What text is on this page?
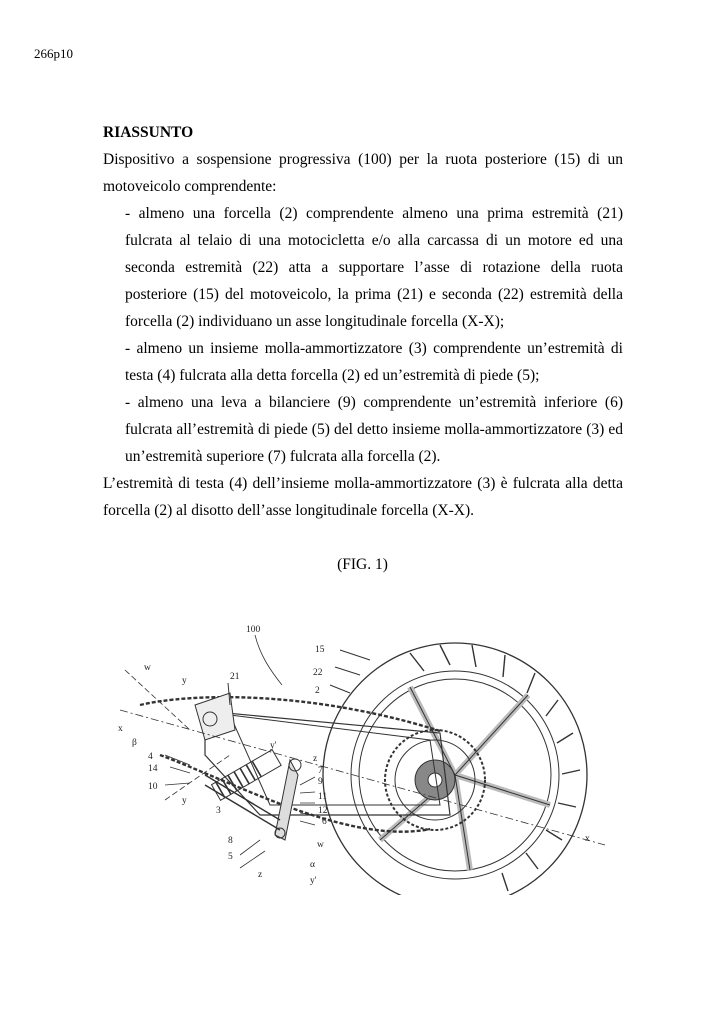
266p10
RIASSUNTO
Dispositivo a sospensione progressiva (100) per la ruota posteriore (15) di un motoveicolo comprendente:
- almeno una forcella (2) comprendente almeno una prima estremità (21) fulcrata al telaio di una motocicletta e/o alla carcassa di un motore ed una seconda estremità (22) atta a supportare l’asse di rotazione della ruota posteriore (15) del motoveicolo, la prima (21) e seconda (22) estremità della forcella (2) individuano un asse longitudinale forcella (X-X);
- almeno un insieme molla-ammortizzatore (3) comprendente un’estremità di testa (4) fulcrata alla detta forcella (2) ed un’estremità di piede (5);
- almeno una leva a bilanciere (9) comprendente un’estremità inferiore (6) fulcrata all’estremità di piede (5) del detto insieme molla-ammortizzatore (3) ed un’estremità superiore (7) fulcrata alla forcella (2).
L’estremità di testa (4) dell’insieme molla-ammortizzatore (3) è fulcrata alla detta forcella (2) al disotto dell’asse longitudinale forcella (X-X).
(FIG. 1)
100
15
22
2
21
w
y
x
β
4
14
10
y
3
y'
z
7
9
11
12
6
8
5
w
α
z
y'
x
